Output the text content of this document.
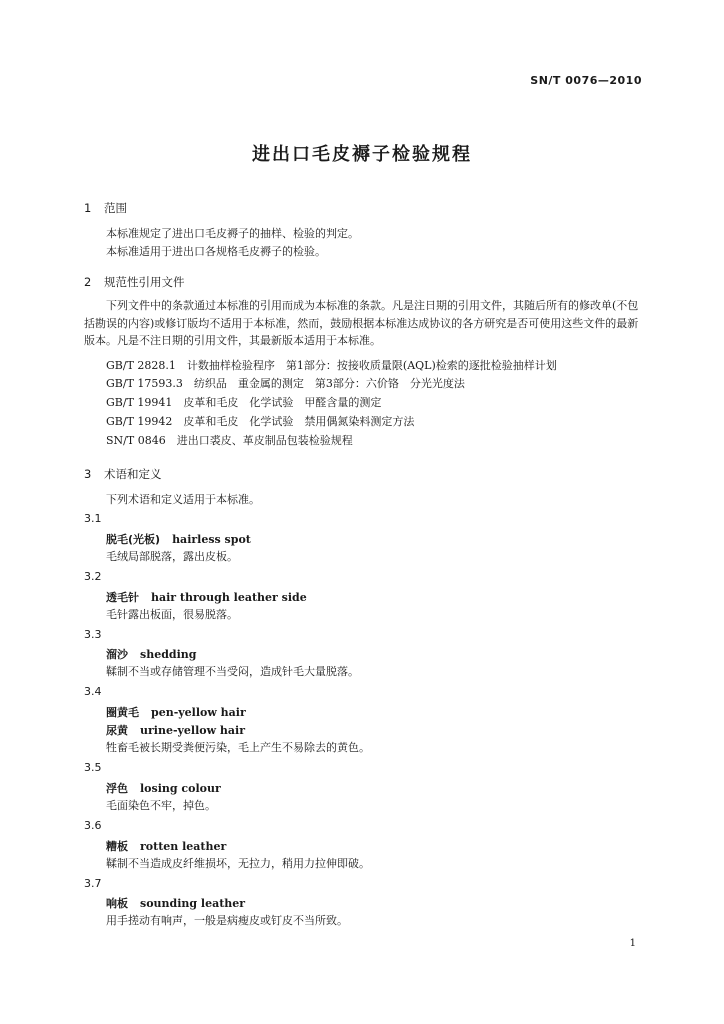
SN/T 0076—2010
进出口毛皮褥子检验规程
1 范围
本标准规定了进出口毛皮褥子的抽样、检验的判定。
本标准适用于进出口各规格毛皮褥子的检验。
2 规范性引用文件
下列文件中的条款通过本标准的引用而成为本标准的条款。凡是注日期的引用文件，其随后所有的修改单(不包括勘误的内容)或修订版均不适用于本标准，然而，鼓励根据本标准达成协议的各方研究是否可使用这些文件的最新版本。凡是不注日期的引用文件，其最新版本适用于本标准。
GB/T 2828.1　计数抽样检验程序　第1部分：按接收质量限(AQL)检索的逐批检验抽样计划
GB/T 17593.3　纺织品　重金属的测定　第3部分：六价铬　分光光度法
GB/T 19941　皮革和毛皮　化学试验　甲醛含量的测定
GB/T 19942　皮革和毛皮　化学试验　禁用偶氮染料测定方法
SN/T 0846　进出口裘皮、革皮制品包装检验规程
3 术语和定义
下列术语和定义适用于本标准。
3.1
脱毛(光板) hairless spot
毛绒局部脱落，露出皮板。
3.2
透毛针 hair through leather side
毛针露出板面，很易脱落。
3.3
溜沙 shedding
鞣制不当或存储管理不当受闷，造成针毛大量脱落。
3.4
圈黄毛 pen-yellow hair
尿黄 urine-yellow hair
牲畜毛被长期受粪便污染，毛上产生不易除去的黄色。
3.5
浮色 losing colour
毛面染色不牢，掉色。
3.6
糟板 rotten leather
鞣制不当造成皮纤维损坏，无拉力，稍用力拉伸即破。
3.7
响板 sounding leather
用手搓动有响声，一般是病瘦皮或钉皮不当所致。
1
